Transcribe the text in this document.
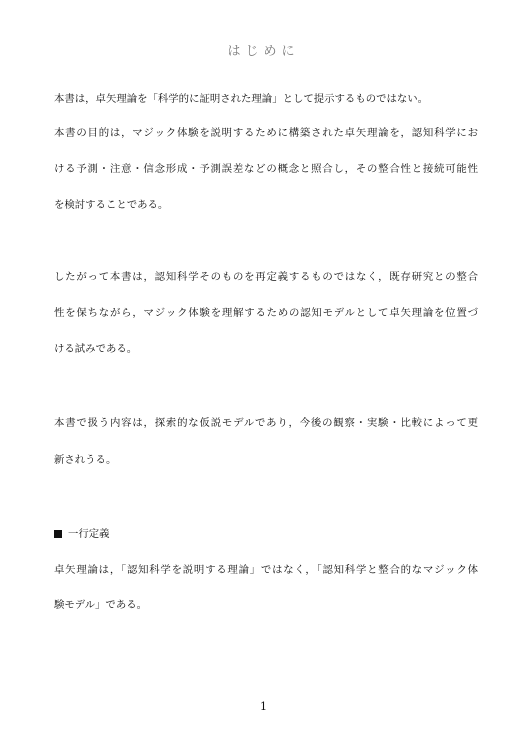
はじめに
本書は，卓矢理論を「科学的に証明された理論」として提示するものではない。
本書の目的は，マジック体験を説明するために構築された卓矢理論を，認知科学にお
ける予測・注意・信念形成・予測誤差などの概念と照合し，その整合性と接続可能性
を検討することである。
したがって本書は，認知科学そのものを再定義するものではなく，既存研究との整合
性を保ちながら，マジック体験を理解するための認知モデルとして卓矢理論を位置づ
ける試みである。
本書で扱う内容は，探索的な仮説モデルであり，今後の観察・実験・比較によって更
新されうる。
一行定義
卓矢理論は，「認知科学を説明する理論」ではなく，「認知科学と整合的なマジック体
験モデル」である。
1
